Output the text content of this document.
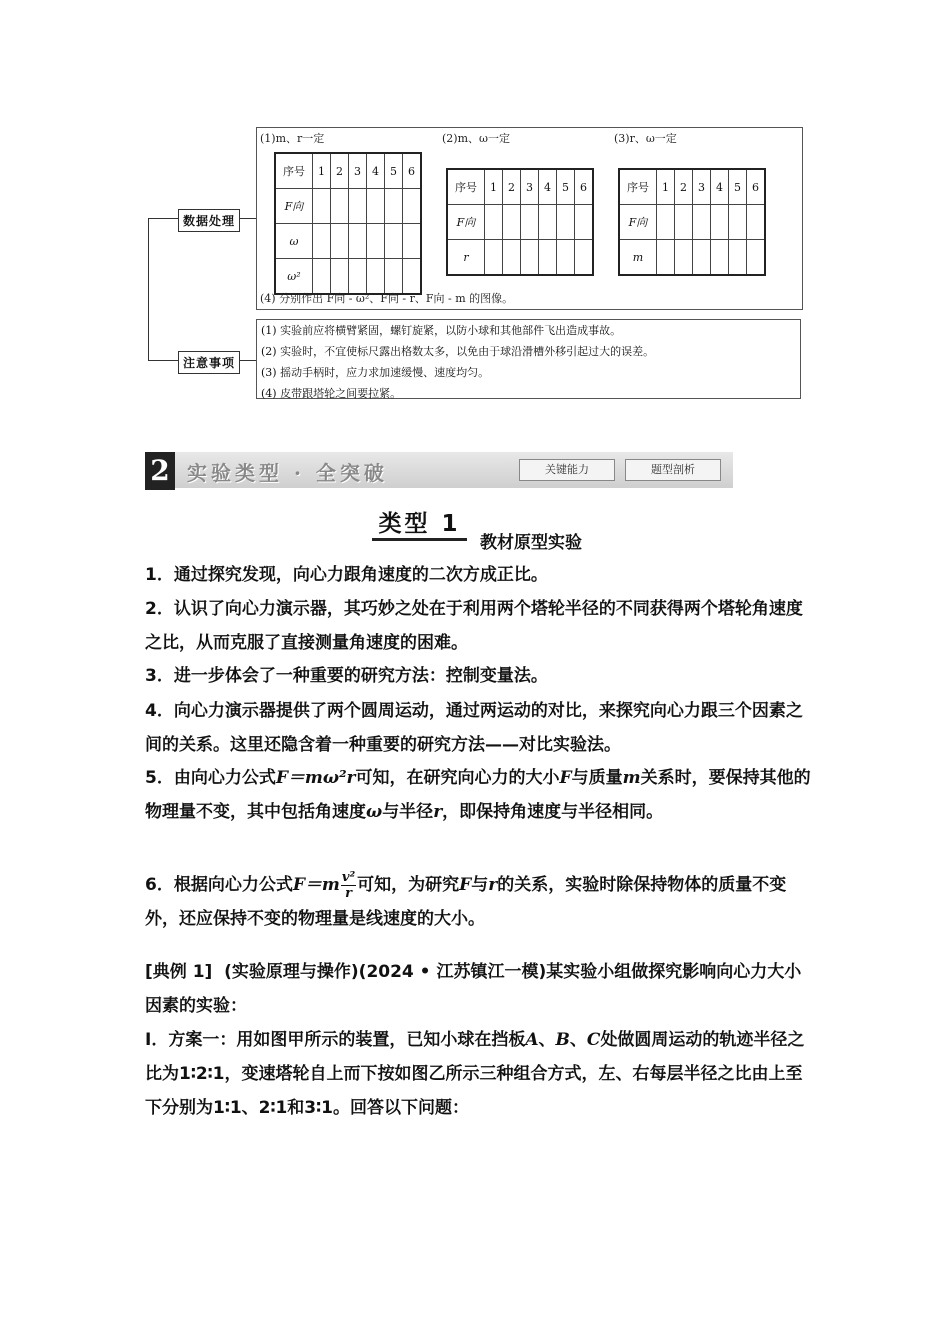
数据处理
注意事项
(1)m、r一定	(2)m、ω一定	(3)r、ω一定
序号	1	2	3	4	5	6
F向						
ω						
ω²						
序号	1	2	3	4	5	6
F向						
r						
序号	1	2	3	4	5	6
F向						
m						
(4) 分别作出 F向 - ω²、F向 - r、F向 - m 的图像。
(1) 实验前应将横臂紧固，螺钉旋紧，以防小球和其他部件飞出造成事故。
(2) 实验时，不宜使标尺露出格数太多，以免由于球沿滑槽外移引起过大的误差。
(3) 摇动手柄时，应力求加速缓慢、速度均匀。
(4) 皮带跟塔轮之间要拉紧。
2 实验类型 · 全突破	关键能力	题型剖析
类型 1
教材原型实验
1．通过探究发现，向心力跟角速度的二次方成正比。
2．认识了向心力演示器，其巧妙之处在于利用两个塔轮半径的不同获得两个塔轮角速度之比，从而克服了直接测量角速度的困难。
3．进一步体会了一种重要的研究方法：控制变量法。
4．向心力演示器提供了两个圆周运动，通过两运动的对比，来探究向心力跟三个因素之间的关系。这里还隐含着一种重要的研究方法——对比实验法。
5．由向心力公式F＝mω²r可知，在研究向心力的大小F与质量m关系时，要保持其他的物理量不变，其中包括角速度ω与半径r，即保持角速度与半径相同。
6．根据向心力公式$F=m \frac{\text{v²}}{r}$ 可知，为研究F与r的关系，实验时除保持物体的质量不变外，还应保持不变的物理量是线速度的大小。
[典例 1] (实验原理与操作)(2024 • 江苏镇江一模)某实验小组做探究影响向心力大小因素的实验：
Ⅰ．方案一：用如图甲所示的装置，已知小球在挡板A、B、C处做圆周运动的轨迹半径之比为1∶2∶1，变速塔轮自上而下按如图乙所示三种组合方式，左、右每层半径之比由上至下分别为1∶1、2∶1和3∶1。回答以下问题：
